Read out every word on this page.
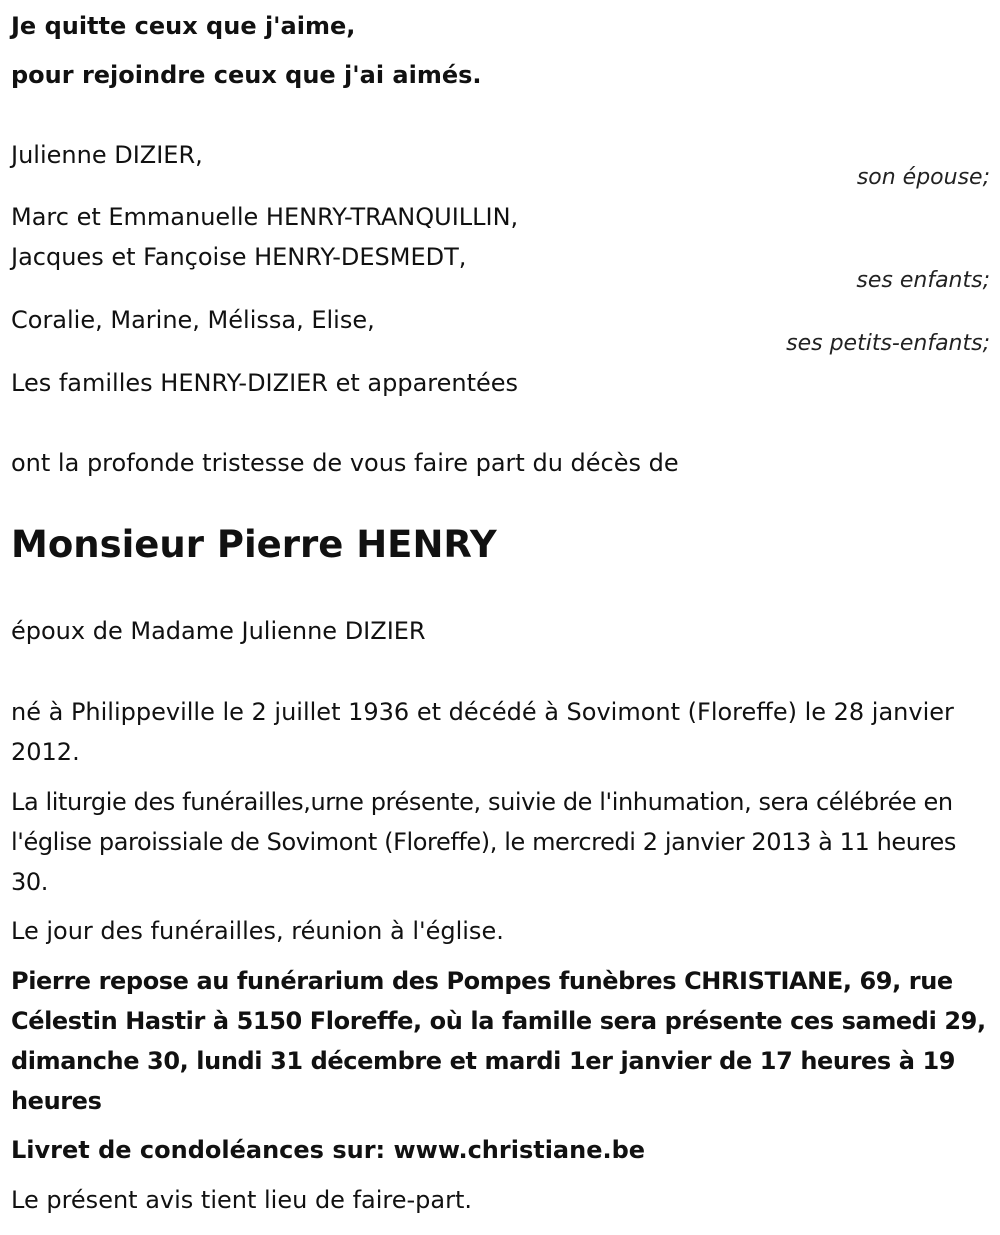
Je quitte ceux que j'aime,
pour rejoindre ceux que j'ai aimés.
Julienne DIZIER,
son épouse;
Marc et Emmanuelle HENRY-TRANQUILLIN,
Jacques et Fançoise HENRY-DESMEDT,
ses enfants;
Coralie, Marine, Mélissa, Elise,
ses petits-enfants;
Les familles HENRY-DIZIER et apparentées
ont la profonde tristesse de vous faire part du décès de
Monsieur Pierre HENRY
époux de Madame Julienne DIZIER
né à Philippeville le 2 juillet 1936 et décédé à Sovimont (Floreffe) le 28 janvier 2012.
La liturgie des funérailles,urne présente, suivie de l'inhumation, sera célébrée en l'église paroissiale de Sovimont (Floreffe), le mercredi 2 janvier 2013 à 11 heures 30.
Le jour des funérailles, réunion à l'église.
Pierre repose au funérarium des Pompes funèbres CHRISTIANE, 69, rue Célestin Hastir à 5150 Floreffe, où la famille sera présente ces samedi 29, dimanche 30, lundi 31 décembre et mardi 1er janvier de 17 heures à 19 heures
Livret de condoléances sur: www.christiane.be
Le présent avis tient lieu de faire-part.
